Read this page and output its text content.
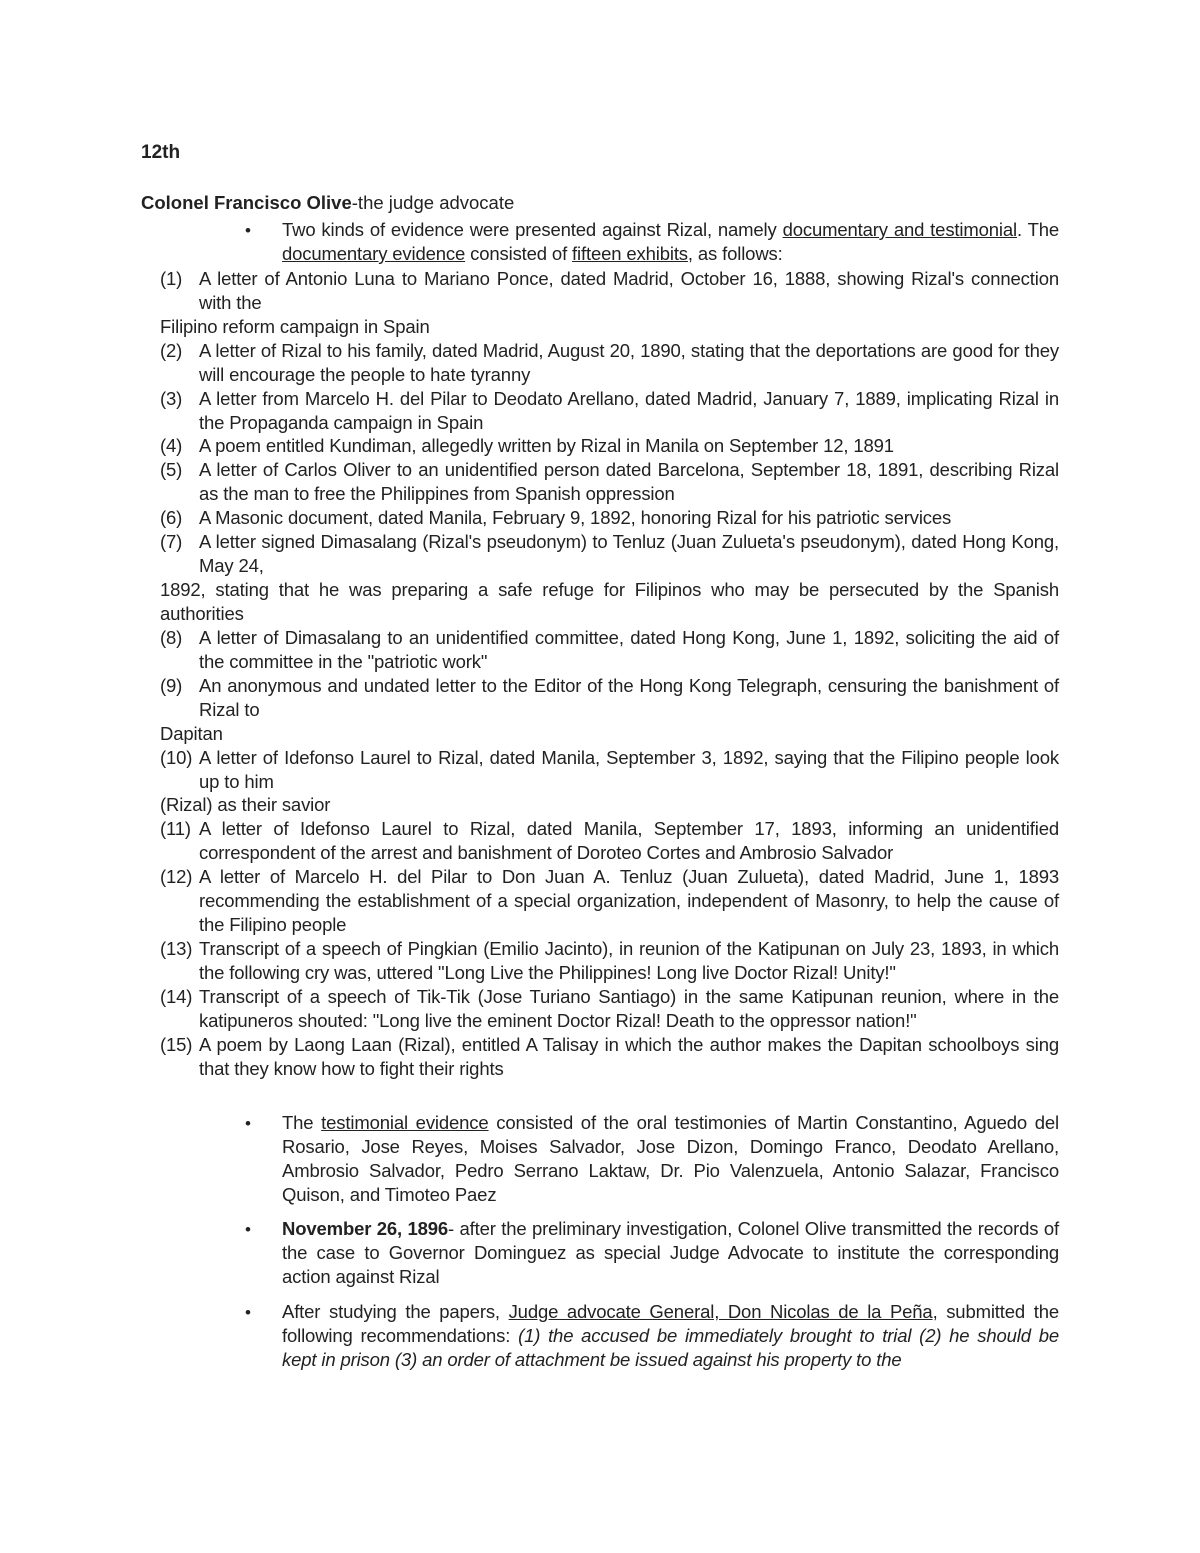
12th
Colonel Francisco Olive-the judge advocate
• Two kinds of evidence were presented against Rizal, namely documentary and testimonial. The documentary evidence consisted of fifteen exhibits, as follows:
(1) A letter of Antonio Luna to Mariano Ponce, dated Madrid, October 16, 1888, showing Rizal's connection with the
Filipino reform campaign in Spain
(2) A letter of Rizal to his family, dated Madrid, August 20, 1890, stating that the deportations are good for they will encourage the people to hate tyranny
(3) A letter from Marcelo H. del Pilar to Deodato Arellano, dated Madrid, January 7, 1889, implicating Rizal in the Propaganda campaign in Spain
(4) A poem entitled Kundiman, allegedly written by Rizal in Manila on September 12, 1891
(5) A letter of Carlos Oliver to an unidentified person dated Barcelona, September 18, 1891, describing Rizal as the man to free the Philippines from Spanish oppression
(6) A Masonic document, dated Manila, February 9, 1892, honoring Rizal for his patriotic services
(7) A letter signed Dimasalang (Rizal's pseudonym) to Tenluz (Juan Zulueta's pseudonym), dated Hong Kong, May 24,
1892, stating that he was preparing a safe refuge for Filipinos who may be persecuted by the Spanish authorities
(8) A letter of Dimasalang to an unidentified committee, dated Hong Kong, June 1, 1892, soliciting the aid of the committee in the "patriotic work"
(9) An anonymous and undated letter to the Editor of the Hong Kong Telegraph, censuring the banishment of Rizal to
Dapitan
(10) A letter of Idefonso Laurel to Rizal, dated Manila, September 3, 1892, saying that the Filipino people look up to him
(Rizal) as their savior
(11) A letter of Idefonso Laurel to Rizal, dated Manila, September 17, 1893, informing an unidentified correspondent of the arrest and banishment of Doroteo Cortes and Ambrosio Salvador
(12) A letter of Marcelo H. del Pilar to Don Juan A. Tenluz (Juan Zulueta), dated Madrid, June 1, 1893 recommending the establishment of a special organization, independent of Masonry, to help the cause of the Filipino people
(13) Transcript of a speech of Pingkian (Emilio Jacinto), in reunion of the Katipunan on July 23, 1893, in which the following cry was, uttered "Long Live the Philippines! Long live Doctor Rizal! Unity!"
(14) Transcript of a speech of Tik-Tik (Jose Turiano Santiago) in the same Katipunan reunion, where in the katipuneros shouted: "Long live the eminent Doctor Rizal! Death to the oppressor nation!"
(15) A poem by Laong Laan (Rizal), entitled A Talisay in which the author makes the Dapitan schoolboys sing that they know how to fight their rights
• The testimonial evidence consisted of the oral testimonies of Martin Constantino, Aguedo del Rosario, Jose Reyes, Moises Salvador, Jose Dizon, Domingo Franco, Deodato Arellano, Ambrosio Salvador, Pedro Serrano Laktaw, Dr. Pio Valenzuela, Antonio Salazar, Francisco Quison, and Timoteo Paez
• November 26, 1896- after the preliminary investigation, Colonel Olive transmitted the records of the case to Governor Dominguez as special Judge Advocate to institute the corresponding action against Rizal
• After studying the papers, Judge advocate General, Don Nicolas de la Peña, submitted the following recommendations: (1) the accused be immediately brought to trial (2) he should be kept in prison (3) an order of attachment be issued against his property to the
